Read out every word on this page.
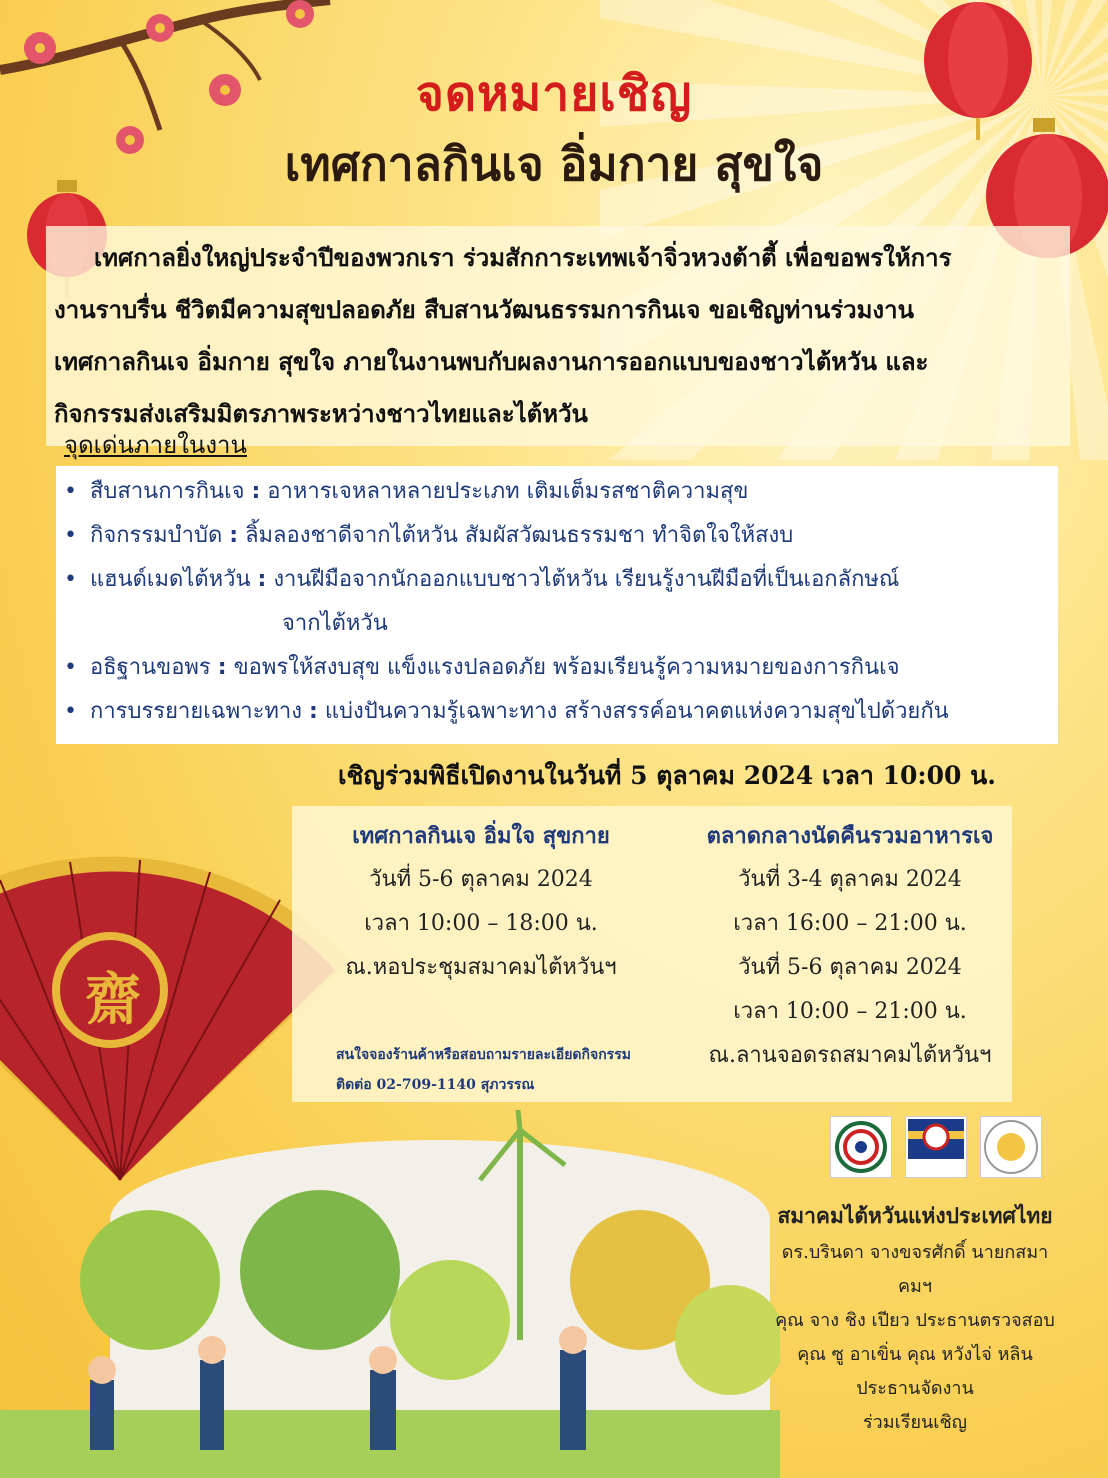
齋
จดหมายเชิญ
เทศกาลกินเจ อิ่มกาย สุขใจ

เทศกาลยิ่งใหญ่ประจำปีของพวกเรา ร่วมสักการะเทพเจ้าจิ่วหวงต้าตี้ เพื่อขอพรให้การ
งานราบรื่น ชีวิตมีความสุขปลอดภัย สืบสานวัฒนธรรมการกินเจ ขอเชิญท่านร่วมงาน
เทศกาลกินเจ อิ่มกาย สุขใจ ภายในงานพบกับผลงานการออกแบบของชาวไต้หวัน และ
กิจกรรมส่งเสริมมิตรภาพระหว่างชาวไทยและไต้หวัน

จุดเด่นภายในงาน
• สืบสานการกินเจ : อาหารเจหลาหลายประเภท เติมเต็มรสชาติความสุข
• กิจกรรมบำบัด : ลิ้มลองชาดีจากไต้หวัน สัมผัสวัฒนธรรมชา ทำจิตใจให้สงบ
• แฮนด์เมดไต้หวัน : งานฝีมือจากนักออกแบบชาวไต้หวัน เรียนรู้งานฝีมือที่เป็นเอกลักษณ์
จากไต้หวัน
• อธิฐานขอพร : ขอพรให้สงบสุข แข็งแรงปลอดภัย พร้อมเรียนรู้ความหมายของการกินเจ
• การบรรยายเฉพาะทาง : แบ่งปันความรู้เฉพาะทาง สร้างสรรค์อนาคตแห่งความสุขไปด้วยกัน
เชิญร่วมพิธีเปิดงานในวันที่ 5 ตุลาคม 2024 เวลา 10:00 น.
เทศกาลกินเจ อิ่มใจ สุขกาย
วันที่ 5-6 ตุลาคม 2024
เวลา 10:00 – 18:00 น.
ณ.หอประชุมสมาคมไต้หวันฯ
ตลาดกลางนัดคืนรวมอาหารเจ
วันที่ 3-4 ตุลาคม 2024
เวลา 16:00 – 21:00 น.
วันที่ 5-6 ตุลาคม 2024
เวลา 10:00 – 21:00 น.
ณ.ลานจอดรถสมาคมไต้หวันฯ
สนใจจองร้านค้าหรือสอบถามรายละเอียดกิจกรรม
ติดต่อ 02-709-1140 สุภวรรณ
สมาคมไต้หวันแห่งประเทศไทย
ดร.บรินดา จางขจรศักดิ์ นายกสมาคมฯ
คุณ จาง ชิง เปียว ประธานตรวจสอบ
คุณ ซู อาเขิ่น คุณ หวังไจ่ หลิน
ประธานจัดงาน
ร่วมเรียนเชิญ
